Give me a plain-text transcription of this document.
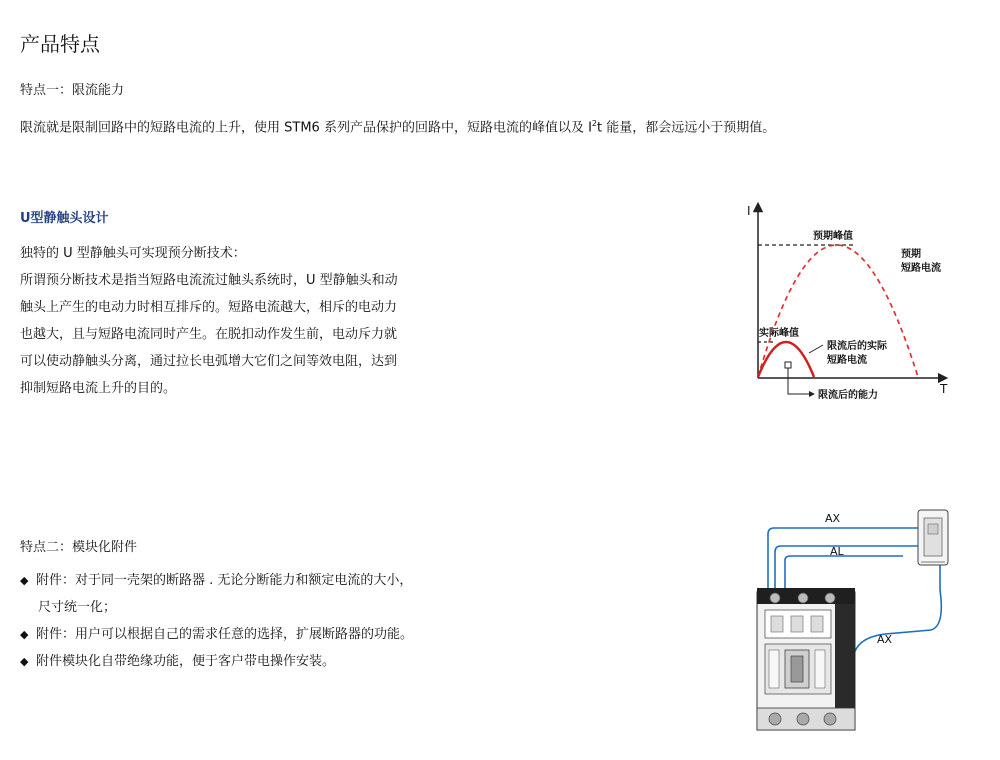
产品特点
特点一：限流能力
限流就是限制回路中的短路电流的上升，使用 STM6 系列产品保护的回路中，短路电流的峰值以及 $I^2t$ 能量，都会远远小于预期值。
U型静触头设计
独特的 U 型静触头可实现预分断技术：
所谓预分断技术是指当短路电流流过触头系统时，U 型静触头和动
触头上产生的电动力时相互排斥的。短路电流越大，相斥的电动力
也越大，且与短路电流同时产生。在脱扣动作发生前，电动斥力就
可以使动静触头分离，通过拉长电弧增大它们之间等效电阻，达到
抑制短路电流上升的目的。
I
T
预期峰值
预期
短路电流
实际峰值
限流后的实际
短路电流
限流后的能力
特点二：模块化附件
◆ 附件：对于同一壳架的断路器 . 无论分断能力和额定电流的大小，
尺寸统一化；
◆ 附件：用户可以根据自己的需求任意的选择，扩展断路器的功能。
◆ 附件模块化自带绝缘功能，便于客户带电操作安装。
AX
AL
AX
